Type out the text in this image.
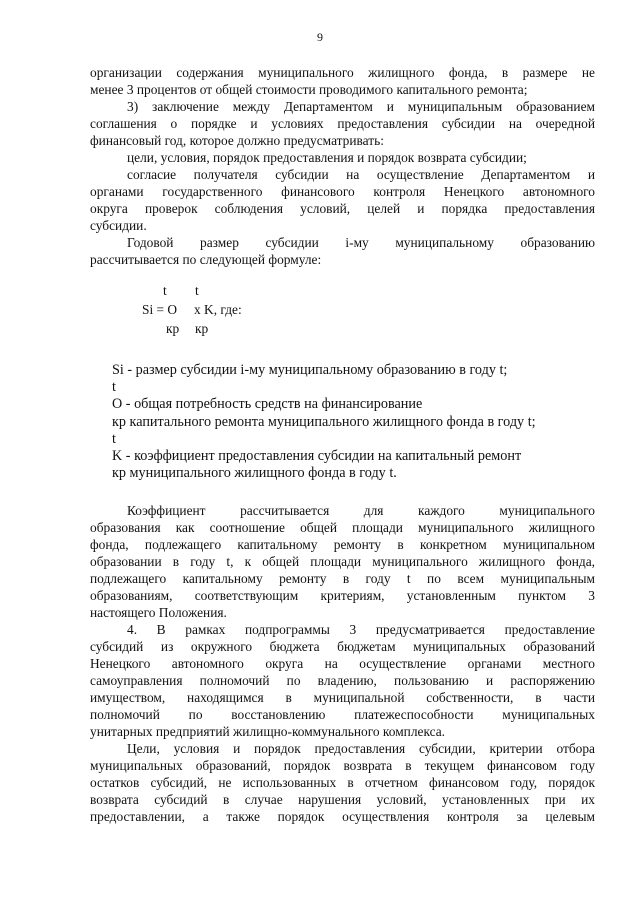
9

организации содержания муниципального жилищного фонда, в размере не

менее 3 процентов от общей стоимости проводимого капитального ремонта;

3) заключение между Департаментом и муниципальным образованием

соглашения о порядке и условиях предоставления субсидии на очередной

финансовый год, которое должно предусматривать:

цели, условия, порядок предоставления и порядок возврата субсидии;

согласие получателя субсидии на осуществление Департаментом и

органами государственного финансового контроля Ненецкого автономного

округа проверок соблюдения условий, целей и порядка предоставления

субсидии.

Годовой размер субсидии i-му муниципальному образованию

рассчитывается по следующей формуле:

t t
Si = O x K, где:
кр кр

Si - размер субсидии i-му муниципальному образованию в году t;

t

O - общая потребность средств на финансирование

кр капитального ремонта муниципального жилищного фонда в году t;

t

K - коэффициент предоставления субсидии на капитальный ремонт

кр муниципального жилищного фонда в году t.

Коэффициент рассчитывается для каждого муниципального

образования как соотношение общей площади муниципального жилищного

фонда, подлежащего капитальному ремонту в конкретном муниципальном

образовании в году t, к общей площади муниципального жилищного фонда,

подлежащего капитальному ремонту в году t по всем муниципальным

образованиям, соответствующим критериям, установленным пунктом 3

настоящего Положения.

4. В рамках подпрограммы 3 предусматривается предоставление

субсидий из окружного бюджета бюджетам муниципальных образований

Ненецкого автономного округа на осуществление органами местного

самоуправления полномочий по владению, пользованию и распоряжению

имуществом, находящимся в муниципальной собственности, в части

полномочий по восстановлению платежеспособности муниципальных

унитарных предприятий жилищно-коммунального комплекса.

Цели, условия и порядок предоставления субсидии, критерии отбора

муниципальных образований, порядок возврата в текущем финансовом году

остатков субсидий, не использованных в отчетном финансовом году, порядок

возврата субсидий в случае нарушения условий, установленных при их

предоставлении, а также порядок осуществления контроля за целевым
